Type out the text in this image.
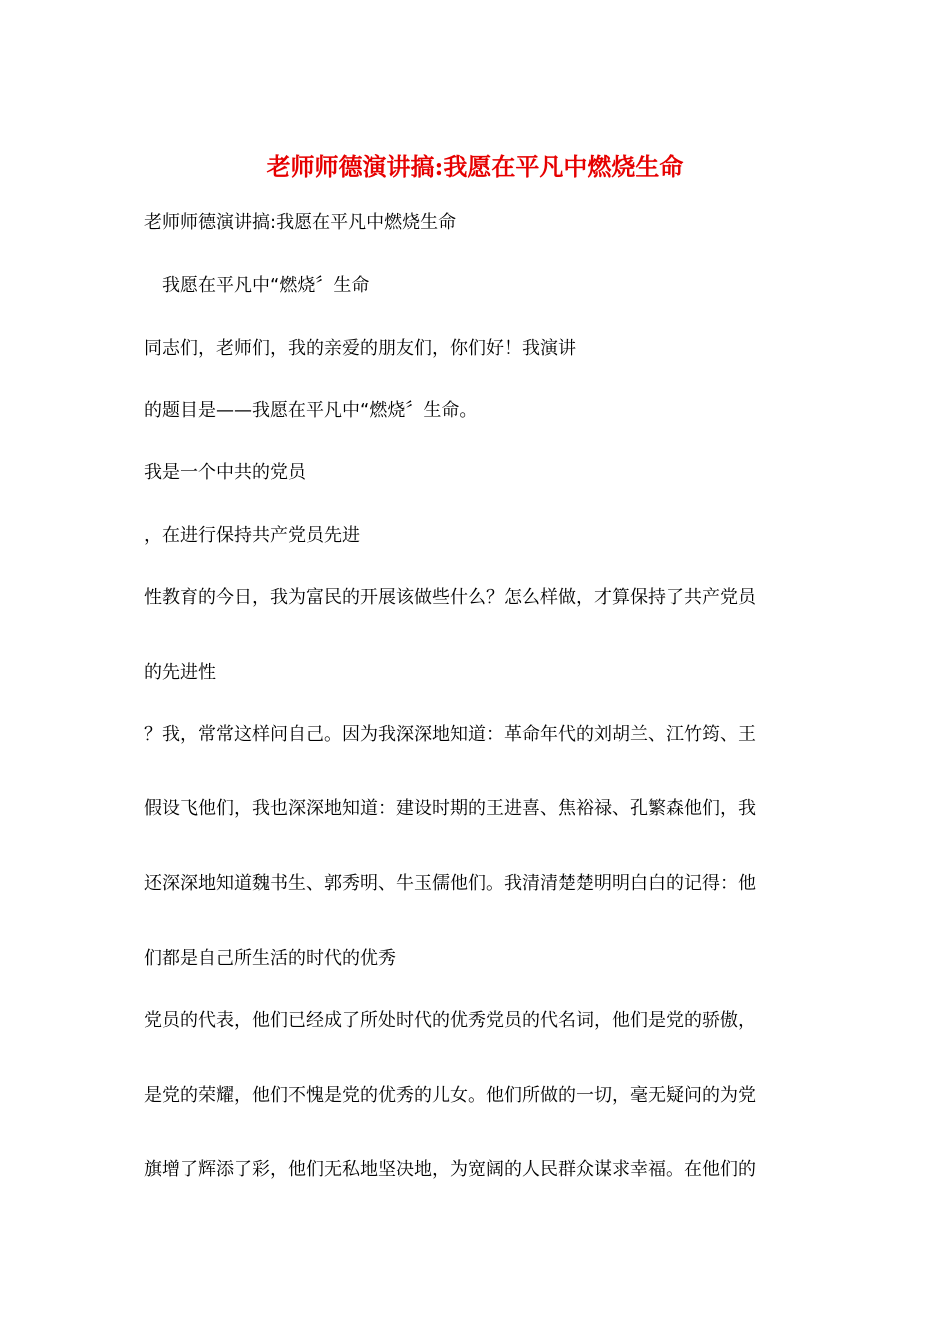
老师师德演讲搞:我愿在平凡中燃烧生命
老师师德演讲搞:我愿在平凡中燃烧生命
我愿在平凡中“燃烧〞生命
同志们，老师们，我的亲爱的朋友们，你们好！我演讲
的题目是——我愿在平凡中“燃烧〞生命。
我是一个中共的党员
，在进行保持共产党员先进
性教育的今日，我为富民的开展该做些什么？怎么样做，才算保持了共产党员
的先进性
？我，常常这样问自己。因为我深深地知道：革命年代的刘胡兰、江竹筠、王
假设飞他们，我也深深地知道：建设时期的王进喜、焦裕禄、孔繁森他们，我
还深深地知道魏书生、郭秀明、牛玉儒他们。我清清楚楚明明白白的记得：他
们都是自己所生活的时代的优秀
党员的代表，他们已经成了所处时代的优秀党员的代名词，他们是党的骄傲，
是党的荣耀，他们不愧是党的优秀的儿女。他们所做的一切，毫无疑问的为党
旗增了辉添了彩，他们无私地坚决地，为宽阔的人民群众谋求幸福。在他们的
